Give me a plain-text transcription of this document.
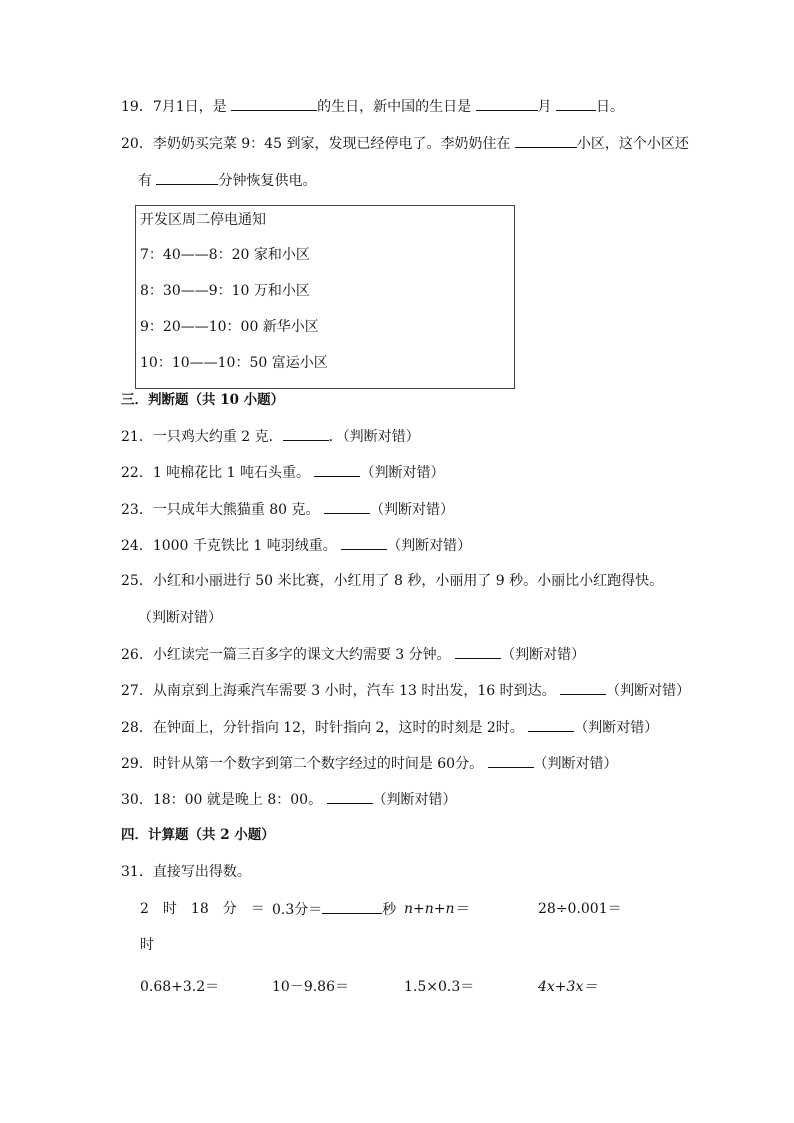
19．7月1日，是	的生日，新中国的生日是	月	日。
20．李奶奶买完菜 9：45 到家，发现已经停电了。李奶奶住在	小区，这个小区还
有	分钟恢复供电。
开发区周二停电通知
7：40——8：20 家和小区
8：30——9：10 万和小区
9：20——10：00 新华小区
10：10——10：50 富运小区
三．判断题（共 10 小题）
21．一只鸡大约重 2 克．	．（判断对错）
22．1 吨棉花比 1 吨石头重。	（判断对错）
23．一只成年大熊猫重 80 克。	（判断对错）
24．1000 千克铁比 1 吨羽绒重。	（判断对错）
25．小红和小丽进行 50 米比赛，小红用了 8 秒，小丽用了 9 秒。小丽比小红跑得快。
（判断对错）
26．小红读完一篇三百多字的课文大约需要 3 分钟。	（判断对错）
27．从南京到上海乘汽车需要 3 小时，汽车 13 时出发，16 时到达。	（判断对错）
28．在钟面上，分针指向 12，时针指向 2，这时的时刻是 2时。	（判断对错）
29．时针从第一个数字到第二个数字经过的时间是 60分。	（判断对错）
30．18：00 就是晚上 8：00。	（判断对错）
四．计算题（共 2 小题）
31．直接写出得数。
2　时　18　分　＝ 0.3分＝	秒 n+n+n＝	28÷0.001＝
时
0.68+3.2＝	10－9.86＝	1.5×0.3＝	4x+3x＝
